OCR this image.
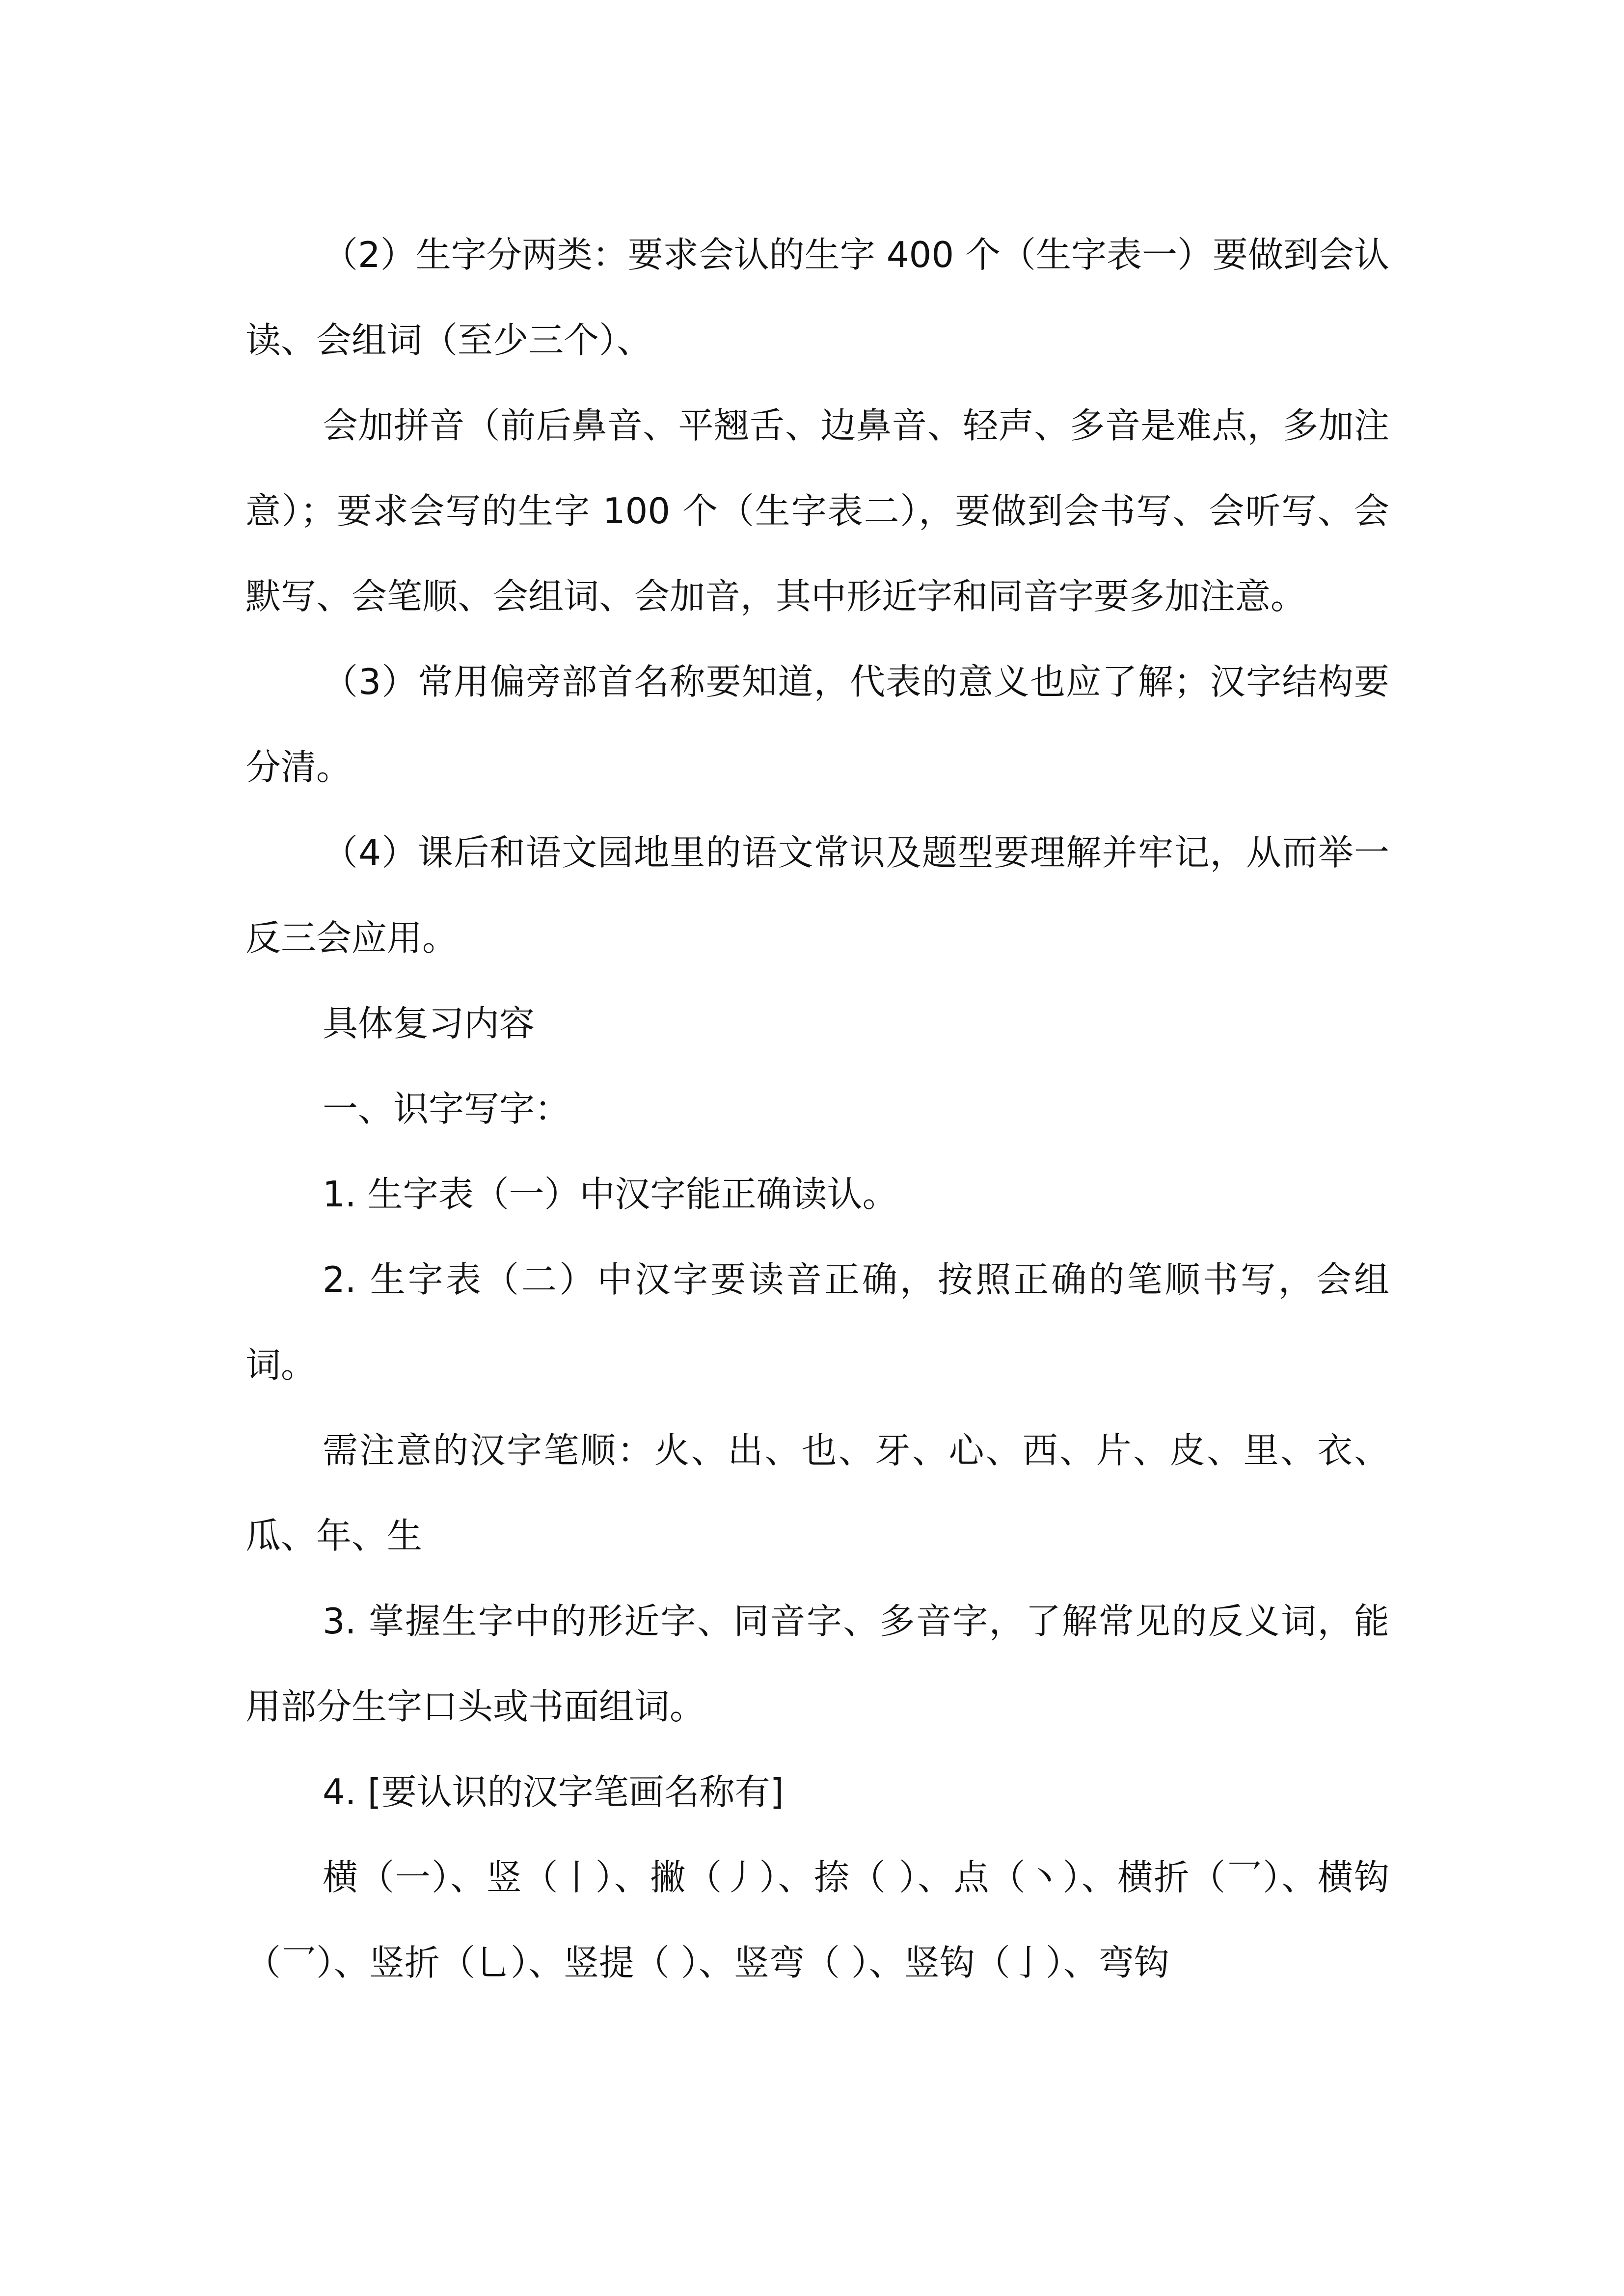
（2）生字分两类：要求会认的生字 400 个（生字表一）要做到会认读、会组词（至少三个）、

会加拼音（前后鼻音、平翘舌、边鼻音、轻声、多音是难点，多加注意）；要求会写的生字 100 个（生字表二），要做到会书写、会听写、会默写、会笔顺、会组词、会加音，其中形近字和同音字要多加注意。

（3）常用偏旁部首名称要知道，代表的意义也应了解；汉字结构要分清。

（4）课后和语文园地里的语文常识及题型要理解并牢记，从而举一反三会应用。

具体复习内容

一、识字写字：

1. 生字表（一）中汉字能正确读认。

2. 生字表（二）中汉字要读音正确，按照正确的笔顺书写，会组词。

需注意的汉字笔顺：火、出、也、牙、心、西、片、皮、里、衣、瓜、年、生

3. 掌握生字中的形近字、同音字、多音字，了解常见的反义词，能用部分生字口头或书面组词。

4. [要认识的汉字笔画名称有]

横（一）、竖（丨）、撇（丿）、捺（ ）、点（丶）、横折（乛）、横钩（乛）、竖折（乚）、竖提（ ）、竖弯（ ）、竖钩（亅）、弯钩
